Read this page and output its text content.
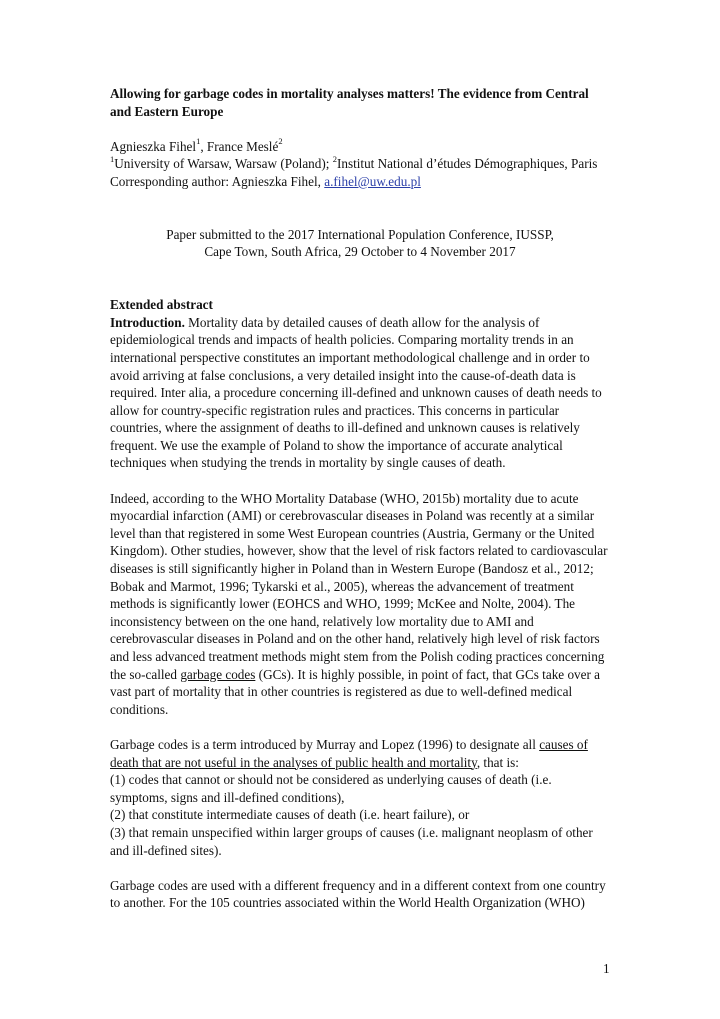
Allowing for garbage codes in mortality analyses matters! The evidence from Central and Eastern Europe

Agnieszka Fihel$^1$, France Meslé$^2$

$^1$University of Warsaw, Warsaw (Poland); $^2$Institut National d’études Démographiques, Paris

Corresponding author: Agnieszka Fihel, a.fihel@uw.edu.pl

Paper submitted to the 2017 International Population Conference, IUSSP,

Cape Town, South Africa, 29 October to 4 November 2017

Extended abstract

Introduction. Mortality data by detailed causes of death allow for the analysis of epidemiological trends and impacts of health policies. Comparing mortality trends in an international perspective constitutes an important methodological challenge and in order to avoid arriving at false conclusions, a very detailed insight into the cause-of-death data is required. Inter alia, a procedure concerning ill-defined and unknown causes of death needs to allow for country-specific registration rules and practices. This concerns in particular countries, where the assignment of deaths to ill-defined and unknown causes is relatively frequent. We use the example of Poland to show the importance of accurate analytical techniques when studying the trends in mortality by single causes of death.

Indeed, according to the WHO Mortality Database (WHO, 2015b) mortality due to acute myocardial infarction (AMI) or cerebrovascular diseases in Poland was recently at a similar level than that registered in some West European countries (Austria, Germany or the United Kingdom). Other studies, however, show that the level of risk factors related to cardiovascular diseases is still significantly higher in Poland than in Western Europe (Bandosz et al., 2012; Bobak and Marmot, 1996; Tykarski et al., 2005), whereas the advancement of treatment methods is significantly lower (EOHCS and WHO, 1999; McKee and Nolte, 2004). The inconsistency between on the one hand, relatively low mortality due to AMI and cerebrovascular diseases in Poland and on the other hand, relatively high level of risk factors and less advanced treatment methods might stem from the Polish coding practices concerning the so-called garbage codes (GCs). It is highly possible, in point of fact, that GCs take over a vast part of mortality that in other countries is registered as due to well-defined medical conditions.

Garbage codes is a term introduced by Murray and Lopez (1996) to designate all causes of death that are not useful in the analyses of public health and mortality, that is:

(1) codes that cannot or should not be considered as underlying causes of death (i.e. symptoms, signs and ill-defined conditions),

(2) that constitute intermediate causes of death (i.e. heart failure), or

(3) that remain unspecified within larger groups of causes (i.e. malignant neoplasm of other and ill-defined sites).

Garbage codes are used with a different frequency and in a different context from one country to another. For the 105 countries associated within the World Health Organization (WHO)

1
